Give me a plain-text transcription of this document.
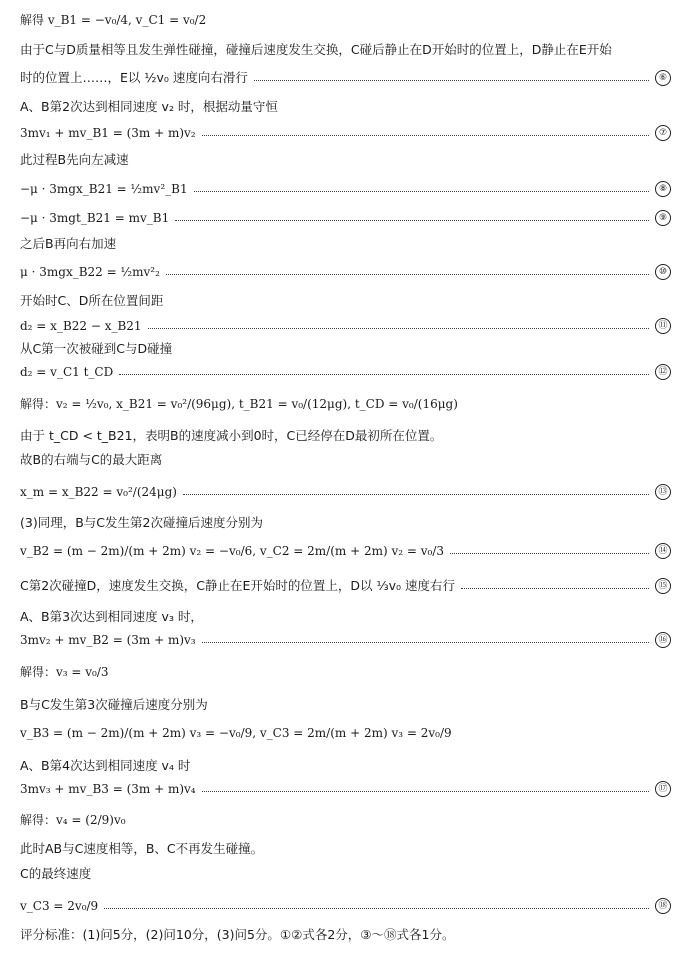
解得 v_B1 = −v₀/4, v_C1 = v₀/2
由于C与D质量相等且发生弹性碰撞，碰撞后速度发生交换，C碰后静止在D开始时的位置上，D静止在E开始
时的位置上……，E以 ½v₀ 速度向右滑行	⑥
A、B第2次达到相同速度 v₂ 时，根据动量守恒
3mv₁ + mv_B1 = (3m + m)v₂	⑦
此过程B先向左减速
−μ · 3mgx_B21 = ½mv²_B1	⑧
−μ · 3mgt_B21 = mv_B1	⑨
之后B再向右加速
μ · 3mgx_B22 = ½mv²₂	⑩
开始时C、D所在位置间距
d₂ = x_B22 − x_B21	⑪
从C第一次被碰到C与D碰撞
d₂ = v_C1 t_CD	⑫
解得：v₂ = ½v₀, x_B21 = v₀²/(96μg), t_B21 = v₀/(12μg), t_CD = v₀/(16μg)
由于 t_CD < t_B21，表明B的速度减小到0时，C已经停在D最初所在位置。
故B的右端与C的最大距离
x_m = x_B22 = v₀²/(24μg)	⑬
(3)同理，B与C发生第2次碰撞后速度分别为
v_B2 = (m − 2m)/(m + 2m) v₂ = −v₀/6, v_C2 = 2m/(m + 2m) v₂ = v₀/3	⑭
C第2次碰撞D，速度发生交换，C静止在E开始时的位置上，D以 ⅓v₀ 速度右行	⑮
A、B第3次达到相同速度 v₃ 时，
3mv₂ + mv_B2 = (3m + m)v₃	⑯
解得：v₃ = v₀/3
B与C发生第3次碰撞后速度分别为
v_B3 = (m − 2m)/(m + 2m) v₃ = −v₀/9, v_C3 = 2m/(m + 2m) v₃ = 2v₀/9
A、B第4次达到相同速度 v₄ 时
3mv₃ + mv_B3 = (3m + m)v₄	⑰
解得：v₄ = (2/9)v₀
此时AB与C速度相等，B、C不再发生碰撞。
C的最终速度
v_C3 = 2v₀/9	⑱
评分标准：(1)问5分，(2)问10分，(3)问5分。①②式各2分，③～⑱式各1分。
